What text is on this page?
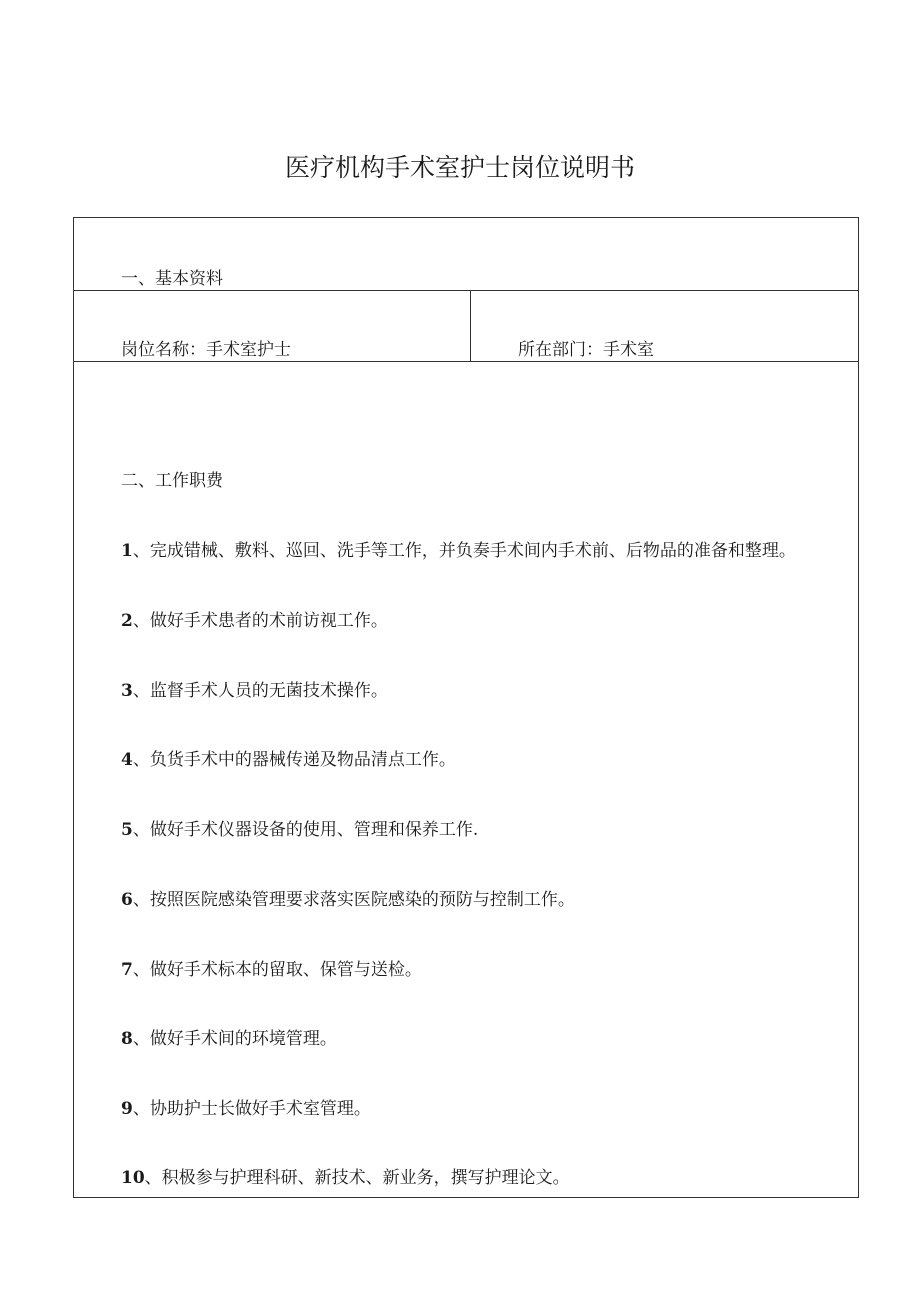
医疗机构手术室护士岗位说明书
一、基本资料
岗位名称：手术室护士	所在部门：手术室
二、工作职费
1、完成错械、敷料、巡回、洗手等工作，并负奏手术间内手术前、后物品的准备和整理。
2、做好手术患者的术前访视工作。
3、监督手术人员的无菌技术操作。
4、负货手术中的器械传递及物品清点工作。
5、做好手术仪器设备的使用、管理和保养工作.
6、按照医院感染管理要求落实医院感染的预防与控制工作。
7、做好手术标本的留取、保管与送检。
8、做好手术间的环境管理。
9、协助护士长做好手术室管理。
10、积极参与护理科研、新技术、新业务，撰写护理论文。
